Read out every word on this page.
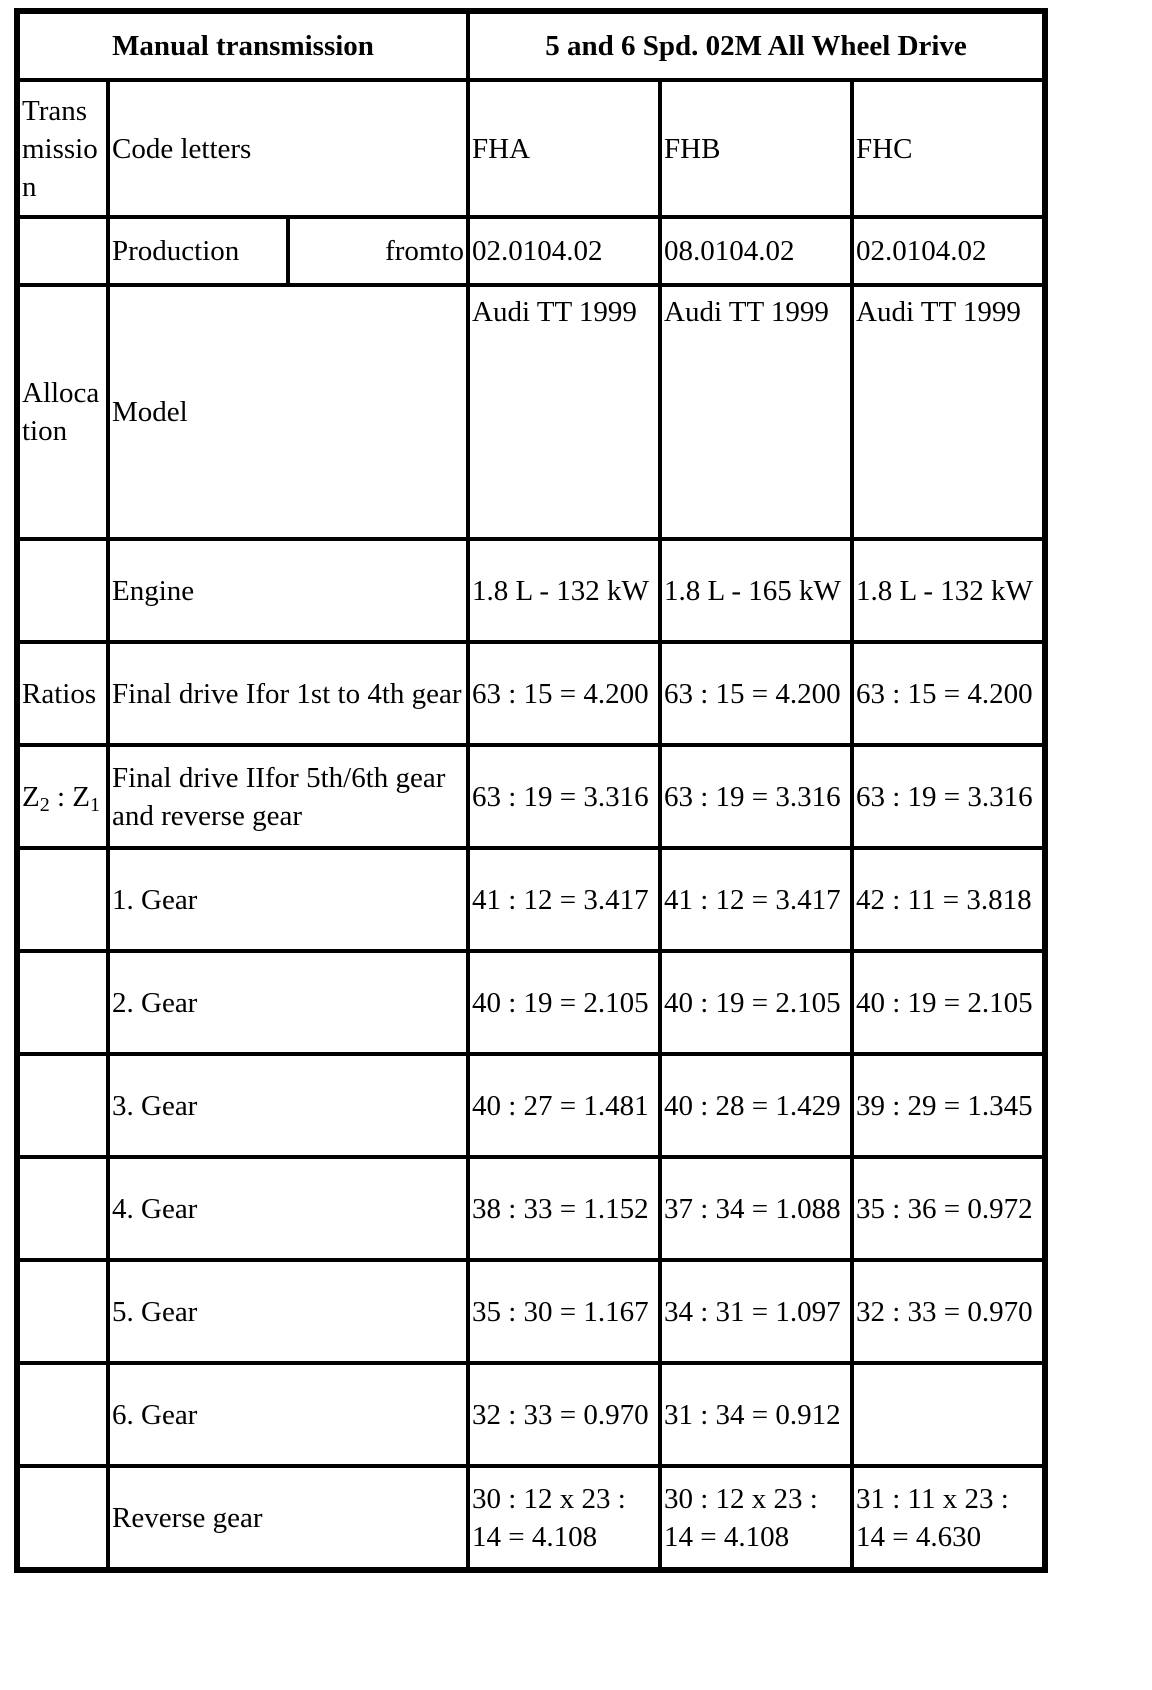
Manual transmission			5 and 6 Spd. 02M All Wheel Drive		
Transmission	Code letters		FHA	FHB	FHC
	Production	fromto	02.0104.02	08.0104.02	02.0104.02
Allocation	Model		Audi TT 1999	Audi TT 1999	Audi TT 1999
	Engine		1.8 L - 132 kW	1.8 L - 165 kW	1.8 L - 132 kW
Ratios	Final drive Ifor 1st to 4th gear		63 : 15 = 4.200	63 : 15 = 4.200	63 : 15 = 4.200
$Z_2$ : $Z_1$	Final drive IIfor 5th/6th gear and reverse gear		63 : 19 = 3.316	63 : 19 = 3.316	63 : 19 = 3.316
	1. Gear		41 : 12 = 3.417	41 : 12 = 3.417	42 : 11 = 3.818
	2. Gear		40 : 19 = 2.105	40 : 19 = 2.105	40 : 19 = 2.105
	3. Gear		40 : 27 = 1.481	40 : 28 = 1.429	39 : 29 = 1.345
	4. Gear		38 : 33 = 1.152	37 : 34 = 1.088	35 : 36 = 0.972
	5. Gear		35 : 30 = 1.167	34 : 31 = 1.097	32 : 33 = 0.970
	6. Gear		32 : 33 = 0.970	31 : 34 = 0.912	
	Reverse gear		30 : 12 x 23 : 14 = 4.108	30 : 12 x 23 : 14 = 4.108	31 : 11 x 23 : 14 = 4.630
